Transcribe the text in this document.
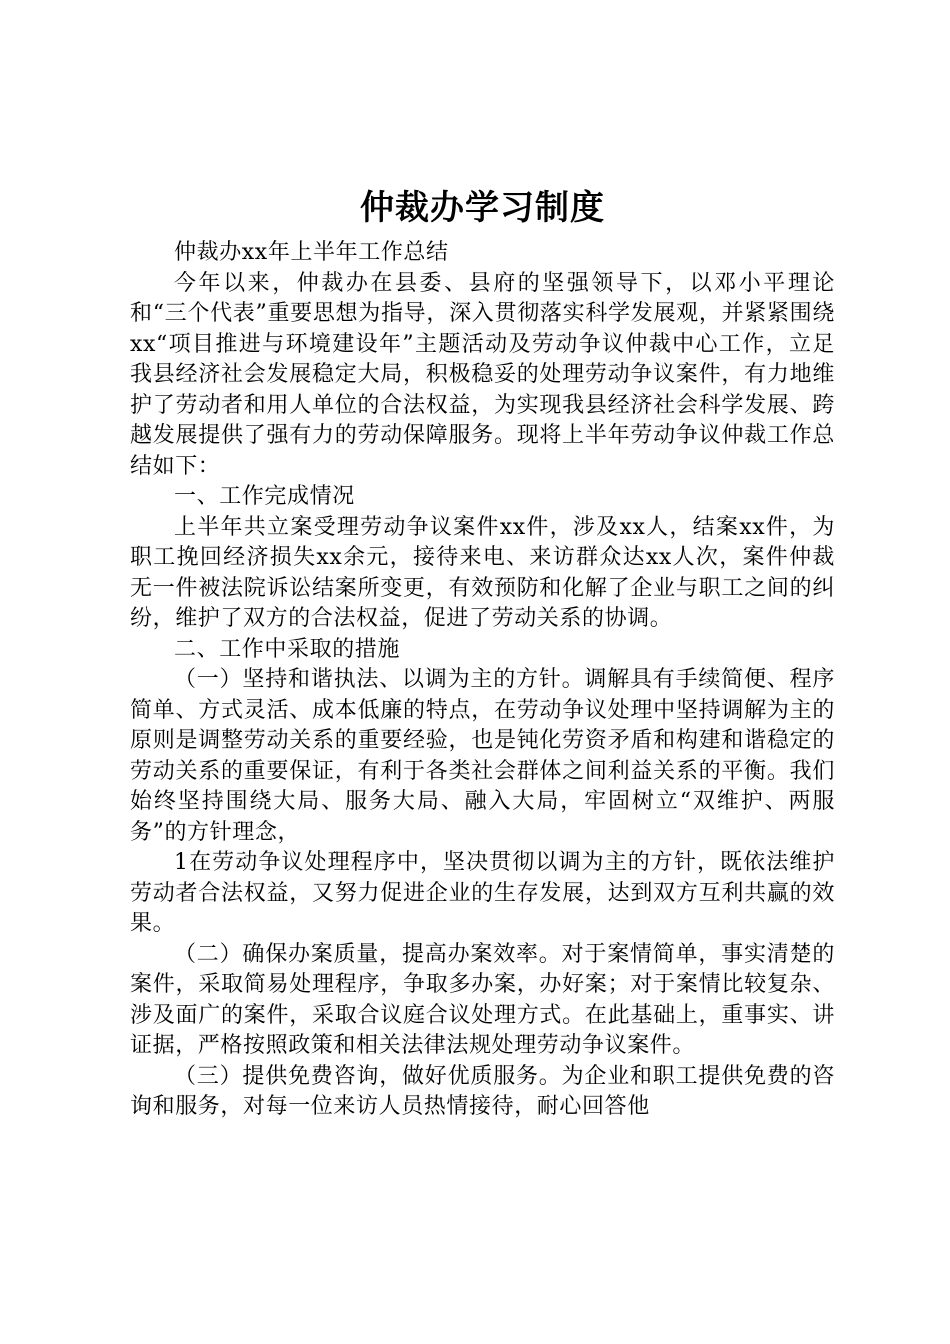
仲裁办学习制度

仲裁办xx年上半年工作总结

今年以来，仲裁办在县委、县府的坚强领导下，以邓小平理论和“三个代表”重要思想为指导，深入贯彻落实科学发展观，并紧紧围绕xx“项目推进与环境建设年”主题活动及劳动争议仲裁中心工作，立足我县经济社会发展稳定大局，积极稳妥的处理劳动争议案件，有力地维护了劳动者和用人单位的合法权益，为实现我县经济社会科学发展、跨越发展提供了强有力的劳动保障服务。现将上半年劳动争议仲裁工作总结如下：

一、工作完成情况

上半年共立案受理劳动争议案件xx件，涉及xx人，结案xx件，为职工挽回经济损失xx余元，接待来电、来访群众达xx人次，案件仲裁无一件被法院诉讼结案所变更，有效预防和化解了企业与职工之间的纠纷，维护了双方的合法权益，促进了劳动关系的协调。

二、工作中采取的措施

（一）坚持和谐执法、以调为主的方针。调解具有手续简便、程序简单、方式灵活、成本低廉的特点，在劳动争议处理中坚持调解为主的原则是调整劳动关系的重要经验，也是钝化劳资矛盾和构建和谐稳定的劳动关系的重要保证，有利于各类社会群体之间利益关系的平衡。我们始终坚持围绕大局、服务大局、融入大局，牢固树立“双维护、两服务”的方针理念，

1在劳动争议处理程序中，坚决贯彻以调为主的方针，既依法维护劳动者合法权益，又努力促进企业的生存发展，达到双方互利共赢的效果。

（二）确保办案质量，提高办案效率。对于案情简单，事实清楚的案件，采取简易处理程序，争取多办案，办好案；对于案情比较复杂、涉及面广的案件，采取合议庭合议处理方式。在此基础上，重事实、讲证据，严格按照政策和相关法律法规处理劳动争议案件。

（三）提供免费咨询，做好优质服务。为企业和职工提供免费的咨询和服务，对每一位来访人员热情接待，耐心回答他
